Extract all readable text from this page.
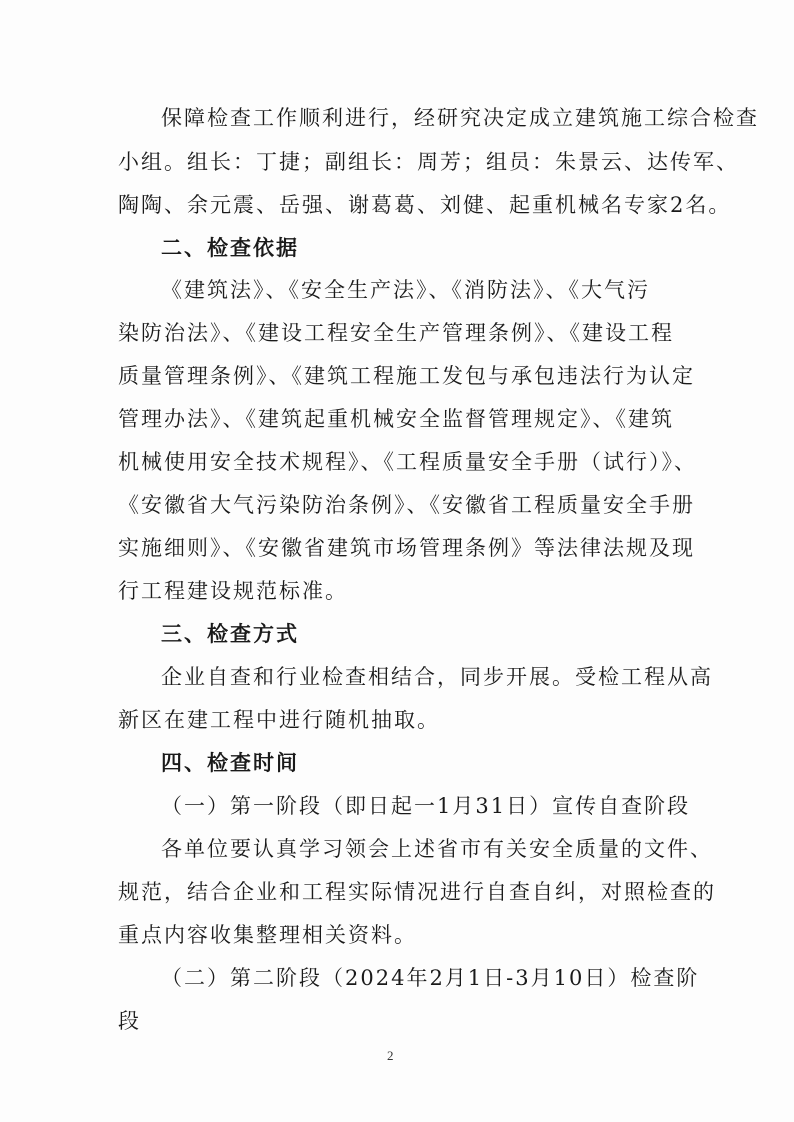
保障检查工作顺利进行，经研究决定成立建筑施工综合检查
小组。组长：丁捷；副组长：周芳；组员：朱景云、达传军、
陶陶、余元震、岳强、谢葛葛、刘健、起重机械名专家2名。
二、检查依据
《建筑法》、《安全生产法》、《消防法》、《大气污
染防治法》、《建设工程安全生产管理条例》、《建设工程
质量管理条例》、《建筑工程施工发包与承包违法行为认定
管理办法》、《建筑起重机械安全监督管理规定》、《建筑
机械使用安全技术规程》、《工程质量安全手册（试行）》、
《安徽省大气污染防治条例》、《安徽省工程质量安全手册
实施细则》、《安徽省建筑市场管理条例》等法律法规及现
行工程建设规范标准。
三、检查方式
企业自查和行业检查相结合，同步开展。受检工程从高
新区在建工程中进行随机抽取。
四、检查时间
（一）第一阶段（即日起一1月31日）宣传自查阶段
各单位要认真学习领会上述省市有关安全质量的文件、
规范，结合企业和工程实际情况进行自查自纠，对照检查的
重点内容收集整理相关资料。
（二）第二阶段（2024年2月1日-3月10日）检查阶
段
2
